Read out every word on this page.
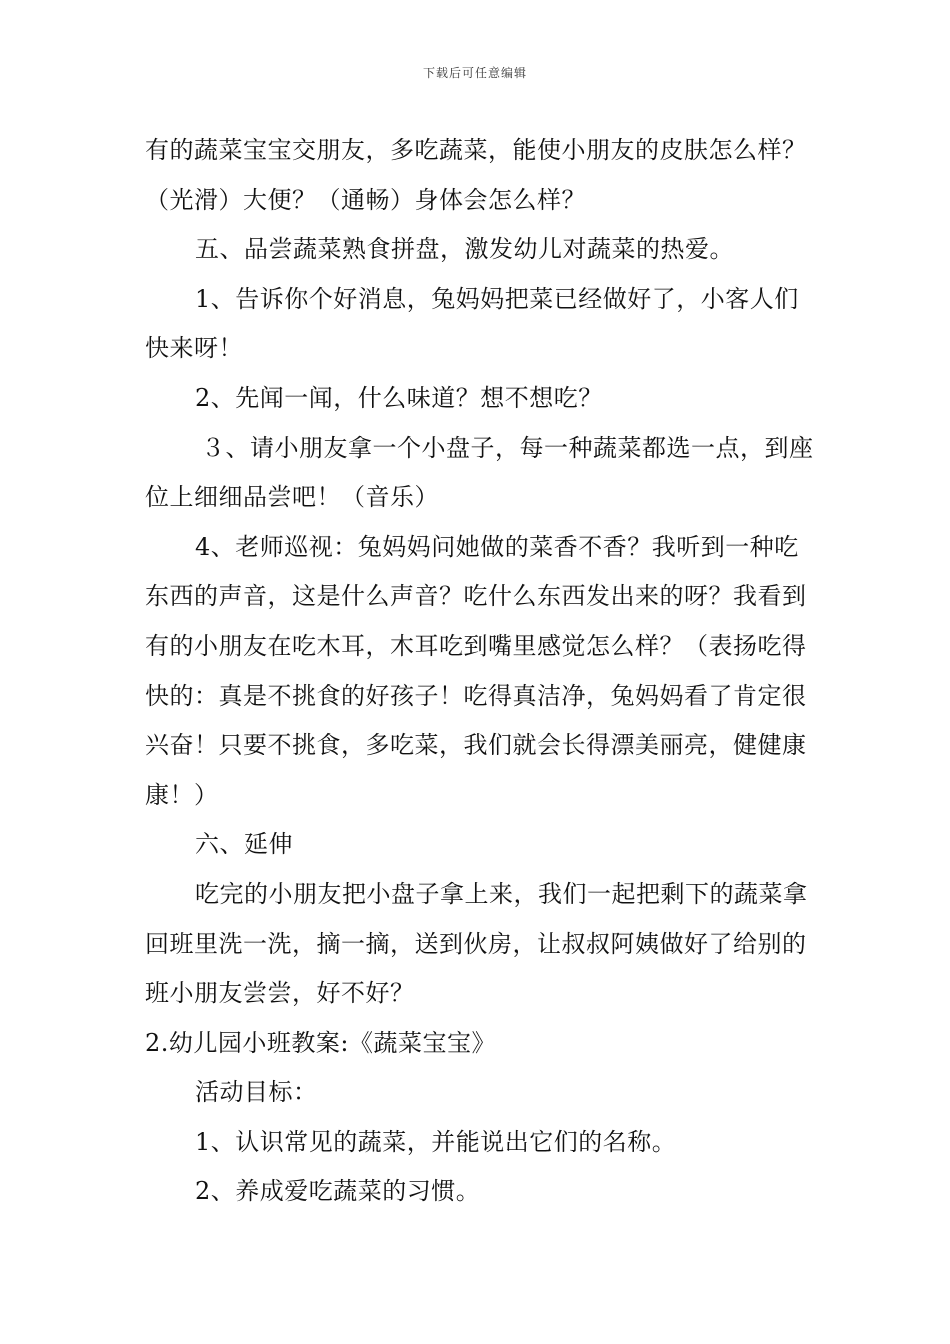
下载后可任意编辑

有的蔬菜宝宝交朋友，多吃蔬菜，能使小朋友的皮肤怎么样？（光滑）大便？（通畅）身体会怎么样？

五、品尝蔬菜熟食拼盘，激发幼儿对蔬菜的热爱。

1、告诉你个好消息，兔妈妈把菜已经做好了，小客人们快来呀！

2、先闻一闻，什么味道？想不想吃？

３、请小朋友拿一个小盘子，每一种蔬菜都选一点，到座位上细细品尝吧！（音乐）

4、老师巡视：兔妈妈问她做的菜香不香？我听到一种吃东西的声音，这是什么声音？吃什么东西发出来的呀？我看到有的小朋友在吃木耳，木耳吃到嘴里感觉怎么样？（表扬吃得快的：真是不挑食的好孩子！吃得真洁净，兔妈妈看了肯定很兴奋！只要不挑食，多吃菜，我们就会长得漂美丽亮，健健康康！）

六、延伸

吃完的小朋友把小盘子拿上来，我们一起把剩下的蔬菜拿回班里洗一洗，摘一摘，送到伙房，让叔叔阿姨做好了给别的班小朋友尝尝，好不好？

2.幼儿园小班教案:《蔬菜宝宝》

活动目标：

1、认识常见的蔬菜，并能说出它们的名称。

2、养成爱吃蔬菜的习惯。
